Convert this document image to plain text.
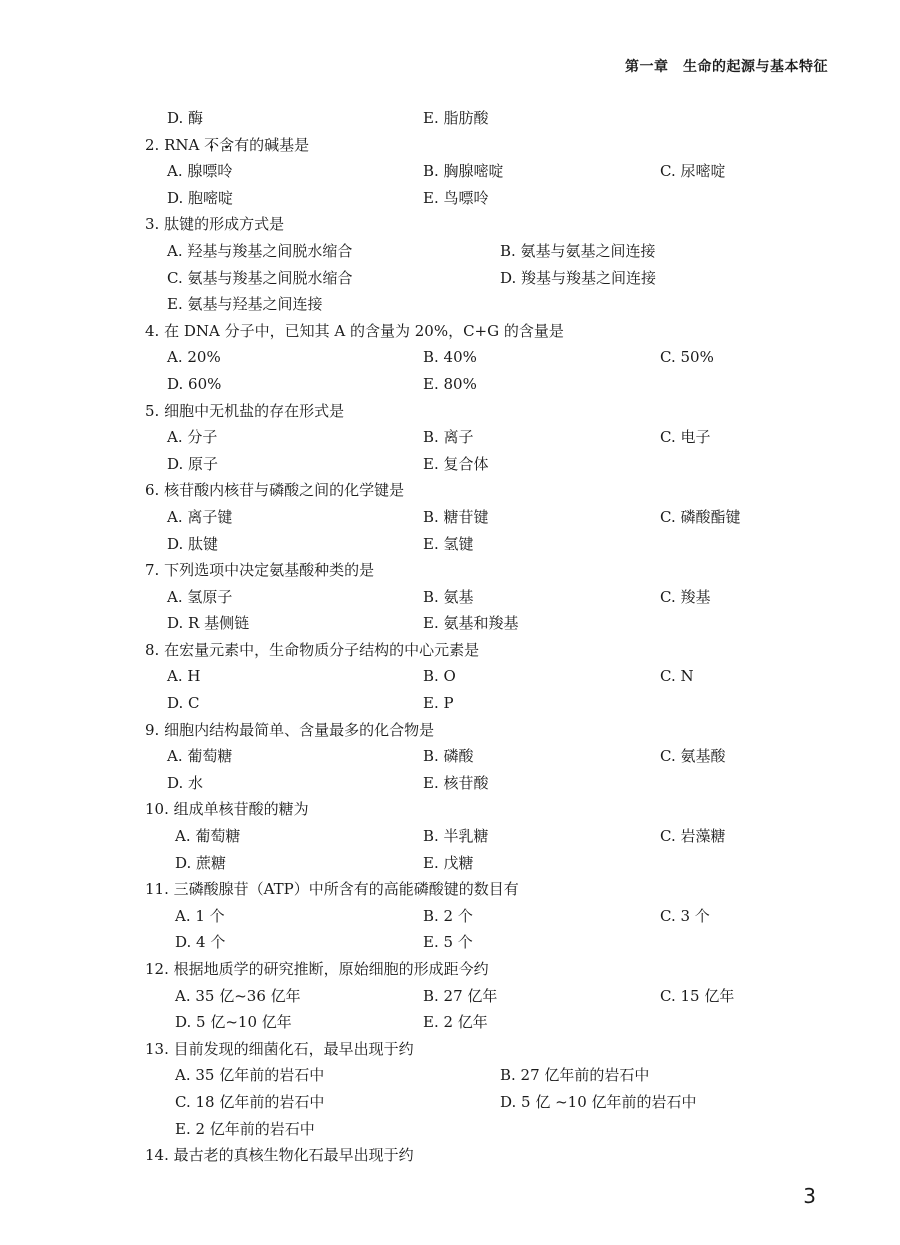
第一章　生命的起源与基本特征
D. 酶	E. 脂肪酸
2. RNA 不 •含 •有的碱基是
A. 腺嘌呤	B. 胸腺嘧啶	C. 尿嘧啶
D. 胞嘧啶	E. 鸟嘌呤
3. 肽键的形成方式是
A. 羟基与羧基之间脱水缩合	B. 氨基与氨基之间连接
C. 氨基与羧基之间脱水缩合	D. 羧基与羧基之间连接
E. 氨基与羟基之间连接
4. 在 DNA 分子中，已知其 A 的含量为 20%，C+G 的含量是
A. 20%	B. 40%	C. 50%
D. 60%	E. 80%
5. 细胞中无机盐的存在形式是
A. 分子	B. 离子	C. 电子
D. 原子	E. 复合体
6. 核苷酸内核苷与磷酸之间的化学键是
A. 离子键	B. 糖苷键	C. 磷酸酯键
D. 肽键	E. 氢键
7. 下列选项中决定氨基酸种类的是
A. 氢原子	B. 氨基	C. 羧基
D. R 基侧链	E. 氨基和羧基
8. 在宏量元素中，生命物质分子结构的中心元素是
A. H	B. O	C. N
D. C	E. P
9. 细胞内结构最简单、含量最多的化合物是
A. 葡萄糖	B. 磷酸	C. 氨基酸
D. 水	E. 核苷酸
10. 组成单核苷酸的糖为
A. 葡萄糖	B. 半乳糖	C. 岩藻糖
D. 蔗糖	E. 戊糖
11. 三磷酸腺苷（ATP）中所含有的高能磷酸键的数目有
A. 1 个	B. 2 个	C. 3 个
D. 4 个	E. 5 个
12. 根据地质学的研究推断，原始细胞的形成距今约
A. 35 亿~36 亿年	B. 27 亿年	C. 15 亿年
D. 5 亿~10 亿年	E. 2 亿年
13. 目前发现的细菌化石，最早出现于约
A. 35 亿年前的岩石中	B. 27 亿年前的岩石中
C. 18 亿年前的岩石中	D. 5 亿 ~10 亿年前的岩石中
E. 2 亿年前的岩石中
14. 最古老的真核生物化石最早出现于约
3
